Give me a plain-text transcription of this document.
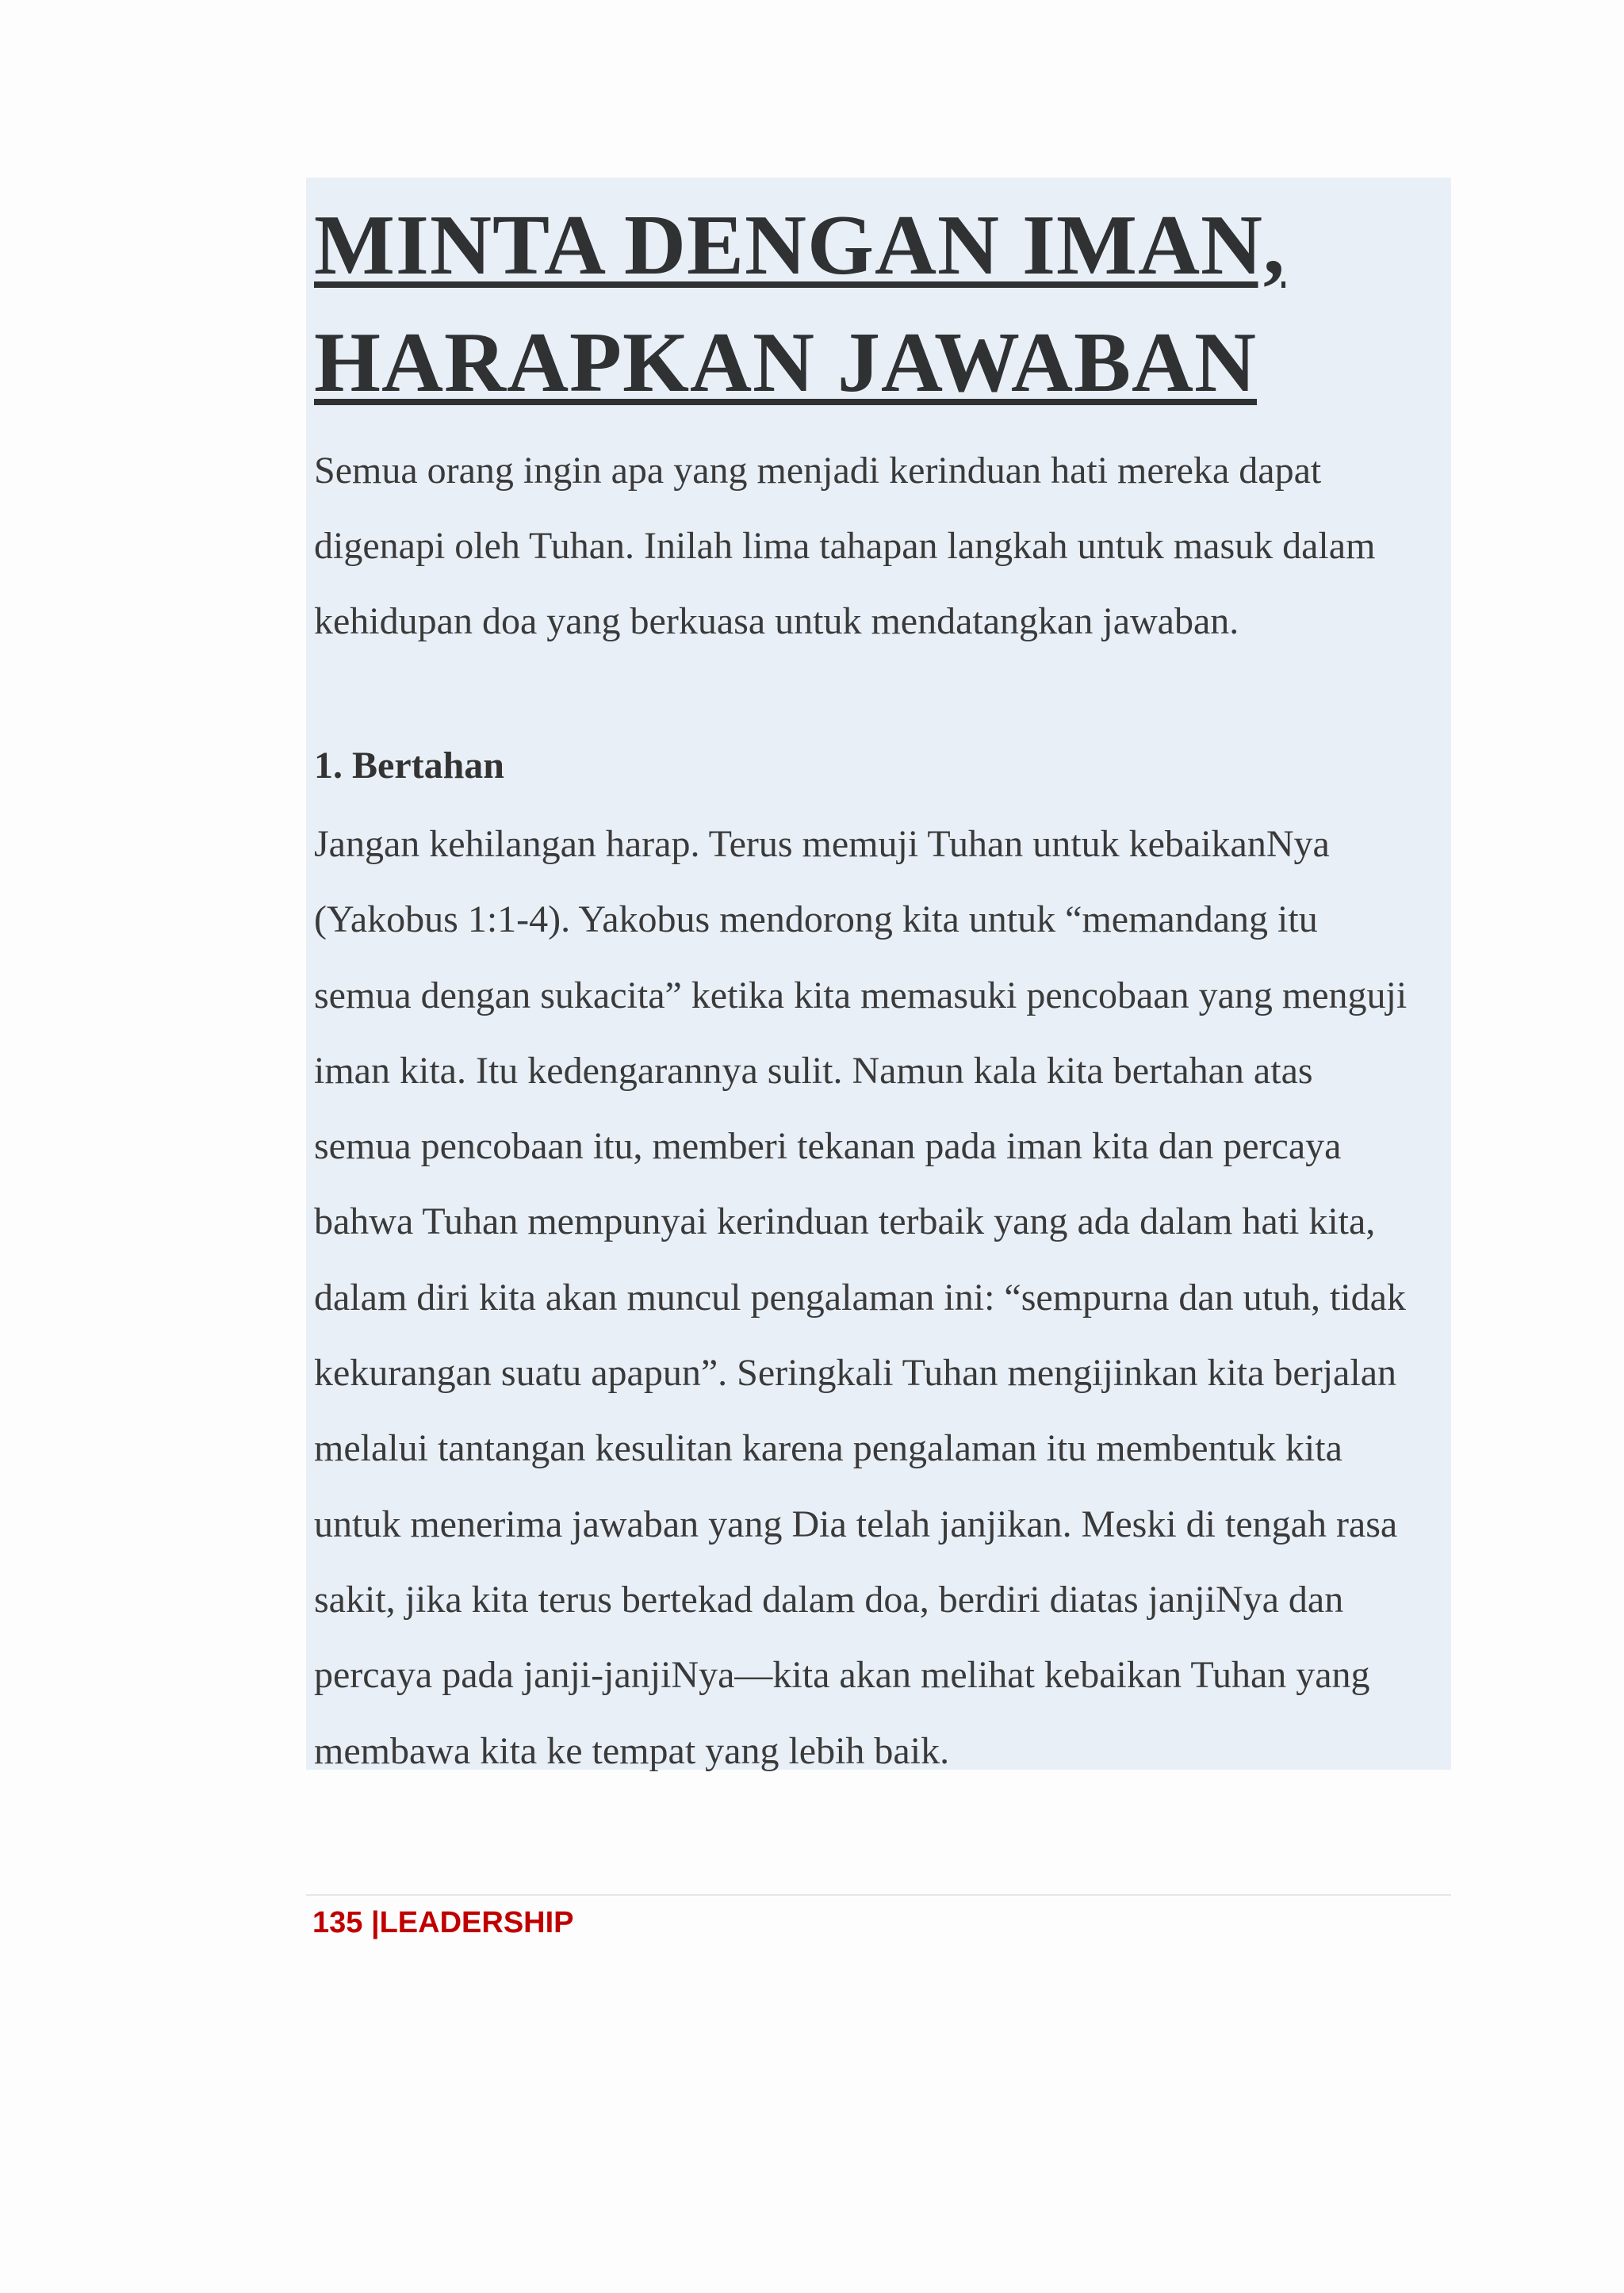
MINTA DENGAN IMAN,
HARAPKAN JAWABAN

Semua orang ingin apa yang menjadi kerinduan hati mereka dapat
digenapi oleh Tuhan. Inilah lima tahapan langkah untuk masuk dalam
kehidupan doa yang berkuasa untuk mendatangkan jawaban.

1. Bertahan

Jangan kehilangan harap. Terus memuji Tuhan untuk kebaikanNya
(Yakobus 1:1-4). Yakobus mendorong kita untuk “memandang itu
semua dengan sukacita” ketika kita memasuki pencobaan yang menguji
iman kita. Itu kedengarannya sulit. Namun kala kita bertahan atas
semua pencobaan itu, memberi tekanan pada iman kita dan percaya
bahwa Tuhan mempunyai kerinduan terbaik yang ada dalam hati kita,
dalam diri kita akan muncul pengalaman ini: “sempurna dan utuh, tidak
kekurangan suatu apapun”. Seringkali Tuhan mengijinkan kita berjalan
melalui tantangan kesulitan karena pengalaman itu membentuk kita
untuk menerima jawaban yang Dia telah janjikan. Meski di tengah rasa
sakit, jika kita terus bertekad dalam doa, berdiri diatas janjiNya dan
percaya pada janji-janjiNya—kita akan melihat kebaikan Tuhan yang
membawa kita ke tempat yang lebih baik.

135 |LEADERSHIP
